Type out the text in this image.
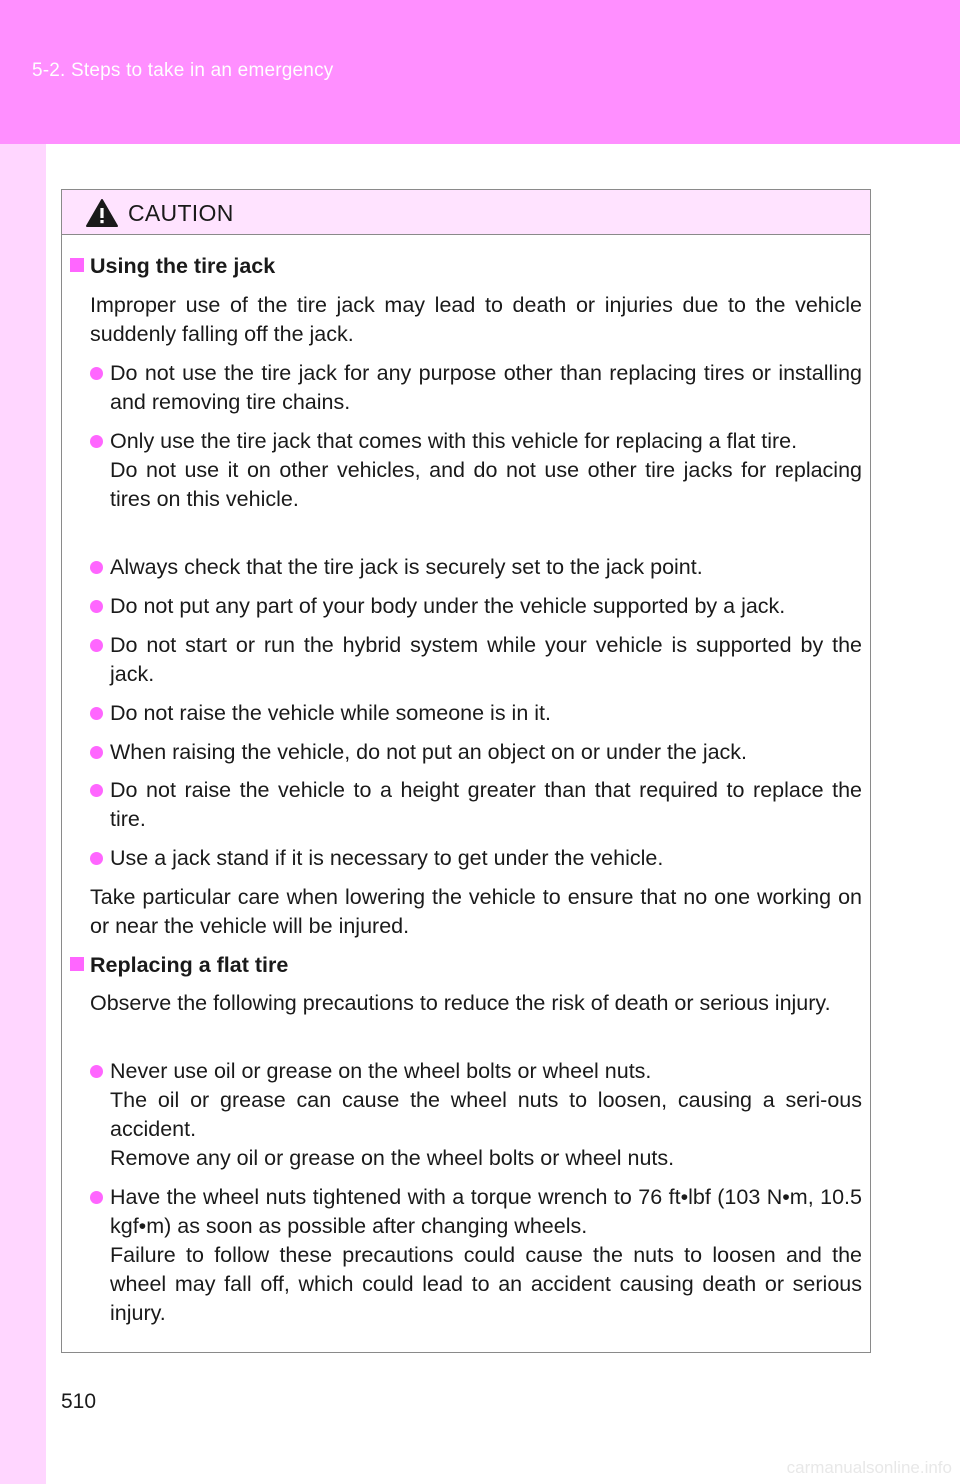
5-2. Steps to take in an emergency
CAUTION
Using the tire jack
Improper use of the tire jack may lead to death or injuries due to the vehicle suddenly falling off the jack.
Do not use the tire jack for any purpose other than replacing tires or installing and removing tire chains.
Only use the tire jack that comes with this vehicle for replacing a flat tire.
Do not use it on other vehicles, and do not use other tire jacks for replacing tires on this vehicle.
Always check that the tire jack is securely set to the jack point.
Do not put any part of your body under the vehicle supported by a jack.
Do not start or run the hybrid system while your vehicle is supported by the jack.
Do not raise the vehicle while someone is in it.
When raising the vehicle, do not put an object on or under the jack.
Do not raise the vehicle to a height greater than that required to replace the tire.
Use a jack stand if it is necessary to get under the vehicle.
Take particular care when lowering the vehicle to ensure that no one working on or near the vehicle will be injured.
Replacing a flat tire
Observe the following precautions to reduce the risk of death or serious injury.
Never use oil or grease on the wheel bolts or wheel nuts.
The oil or grease can cause the wheel nuts to loosen, causing a seri-ous accident.
Remove any oil or grease on the wheel bolts or wheel nuts.
Have the wheel nuts tightened with a torque wrench to 76 ft•lbf (103 N•m, 10.5 kgf•m) as soon as possible after changing wheels.
Failure to follow these precautions could cause the nuts to loosen and the wheel may fall off, which could lead to an accident causing death or serious injury.
510
carmanualsonline.info
